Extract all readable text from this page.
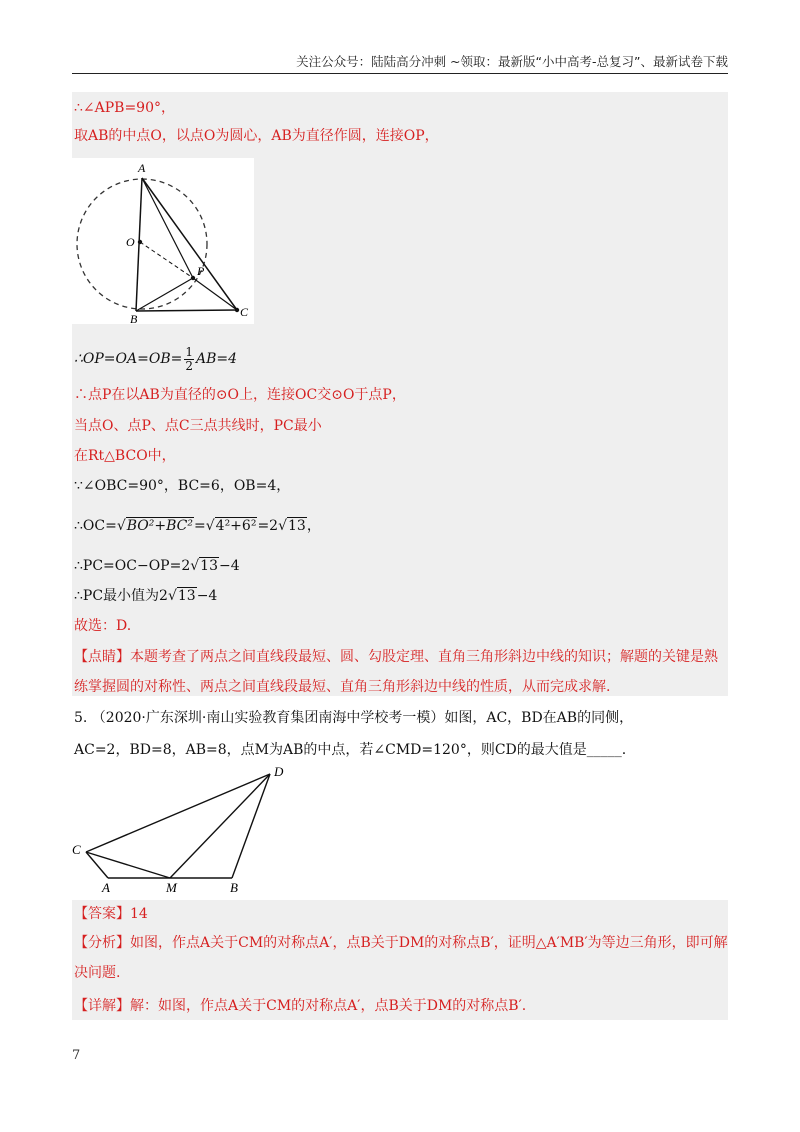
关注公众号：陆陆高分冲刺 ~领取：最新版“小中高考-总复习”、最新试卷下载
∴∠APB=90°，
取AB的中点O，以点O为圆心，AB为直径作圆，连接OP，
A
O
P
B	C
∴OP=OA=OB= $\frac{1}{2} AB=4$
∴点P在以AB为直径的⊙O上，连接OC交⊙O于点P，
当点O、点P、点C三点共线时，PC最小
在Rt△BCO中，
∵∠OBC=90°，BC=6，OB=4，
∴OC=√BO²+BC²=√4²+6²=2√13，
∴PC=OC−OP=2√13−4
∴PC最小值为2√13−4
故选：D.
【点睛】本题考查了两点之间直线段最短、圆、勾股定理、直角三角形斜边中线的知识；解题的关键是熟练掌握圆的对称性、两点之间直线段最短、直角三角形斜边中线的性质，从而完成求解.
5. （2020·广东深圳·南山实验教育集团南海中学校考一模）如图，AC，BD在AB的同侧，
AC=2，BD=8，AB=8，点M为AB的中点，若∠CMD=120°，则CD的最大值是_____.
C
A	M	B
D
【答案】14
【分析】如图，作点A关于CM的对称点A′，点B关于DM的对称点B′，证明△A′MB′为等边三角形，即可解决问题.
【详解】解：如图，作点A关于CM的对称点A′，点B关于DM的对称点B′.
7
